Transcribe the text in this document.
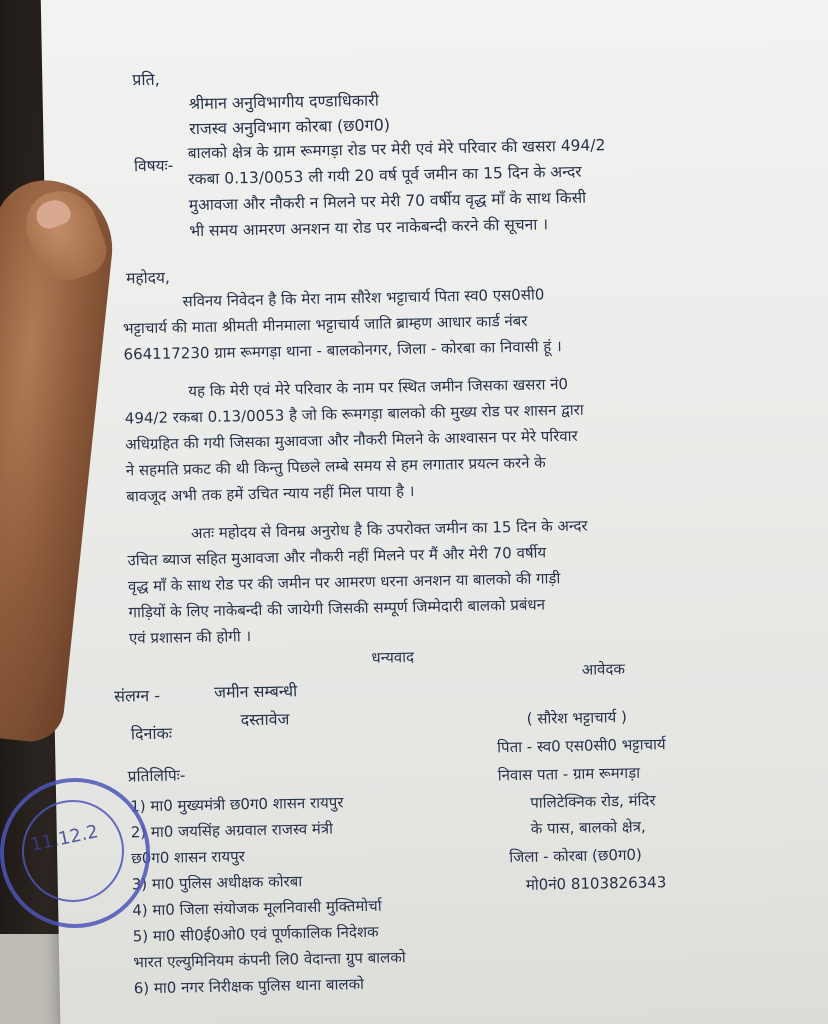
प्रति,
श्रीमान अनुविभागीय दण्डाधिकारी
राजस्व अनुविभाग कोरबा (छ0ग0)
विषयः-
बालको क्षेत्र के ग्राम रूमगड़ा रोड पर मेरी एवं मेरे परिवार की खसरा 494/2
रकबा 0.13/0053 ली गयी 20 वर्ष पूर्व जमीन का 15 दिन के अन्दर
मुआवजा और नौकरी न मिलने पर मेरी 70 वर्षीय वृद्ध माँ के साथ किसी
भी समय आमरण अनशन या रोड पर नाकेबन्दी करने की सूचना ।
महोदय,
सविनय निवेदन है कि मेरा नाम सौरेश भट्टाचार्य पिता स्व0 एस0सी0
भट्टाचार्य की माता श्रीमती मीनमाला भट्टाचार्य जाति ब्राम्हण आधार कार्ड नंबर
664117230 ग्राम रूमगड़ा थाना - बालकोनगर, जिला - कोरबा का निवासी हूं ।
यह कि मेरी एवं मेरे परिवार के नाम पर स्थित जमीन जिसका खसरा नं0
494/2 रकबा 0.13/0053 है जो कि रूमगड़ा बालको की मुख्य रोड पर शासन द्वारा
अधिग्रहित की गयी जिसका मुआवजा और नौकरी मिलने के आश्वासन पर मेरे परिवार
ने सहमति प्रकट की थी किन्तु पिछले लम्बे समय से हम लगातार प्रयत्न करने के
बावजूद अभी तक हमें उचित न्याय नहीं मिल पाया है ।
अतः महोदय से विनम्र अनुरोध है कि उपरोक्त जमीन का 15 दिन के अन्दर
उचित ब्याज सहित मुआवजा और नौकरी नहीं मिलने पर मैं और मेरी 70 वर्षीय
वृद्ध माँ के साथ रोड पर की जमीन पर आमरण धरना अनशन या बालको की गाड़ी
गाड़ियों के लिए नाकेबन्दी की जायेगी जिसकी सम्पूर्ण जिम्मेदारी बालको प्रबंधन
एवं प्रशासन की होगी ।
धन्यवाद
संलग्न -	जमीन सम्बन्धी
दस्तावेज
आवेदक
दिनांकः
प्रतिलिपिः-
1) मा0 मुख्यमंत्री छ0ग0 शासन रायपुर
2) मा0 जयसिंह अग्रवाल राजस्व मंत्री
छ0ग0 शासन रायपुर
3) मा0 पुलिस अधीक्षक कोरबा
4) मा0 जिला संयोजक मूलनिवासी मुक्तिमोर्चा
5) मा0 सी0ई0ओ0 एवं पूर्णकालिक निदेशक
भारत एल्युमिनियम कंपनी लि0 वेदान्ता ग्रुप बालको
6) मा0 नगर निरीक्षक पुलिस थाना बालको
( सौरेश भट्टाचार्य )
पिता - स्व0 एस0सी0 भट्टाचार्य
निवास पता - ग्राम रूमगड़ा
पालिटेक्निक रोड, मंदिर
के पास, बालको क्षेत्र,
जिला - कोरबा (छ0ग0)
मो0नं0 8103826343
11.12.2
